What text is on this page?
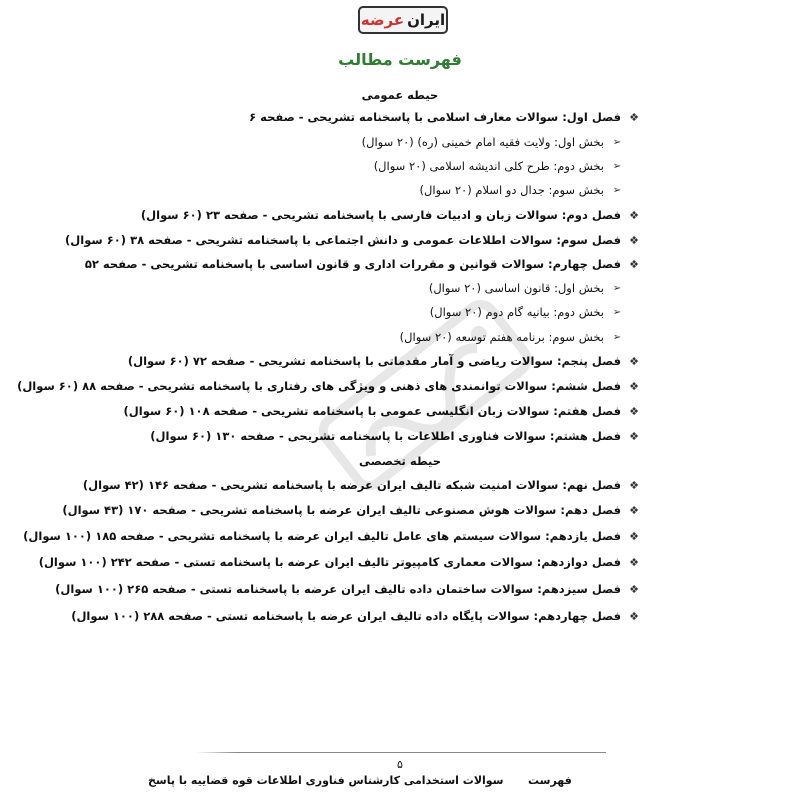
ایران
عرضه
فهرست مطالب
حیطه عمومی
❖
فصل اول: سوالات معارف اسلامی با پاسخنامه تشریحی - صفحه ۶
➢
بخش اول: ولایت فقیه امام خمینی (ره) (۲۰ سوال)
➢
بخش دوم: طرح کلی اندیشه اسلامی (۲۰ سوال)
➢
بخش سوم: جدال دو اسلام (۲۰ سوال)
❖
فصل دوم: سوالات زبان و ادبیات فارسی با پاسخنامه تشریحی - صفحه ۲۳ (۶۰ سوال)
❖
فصل سوم: سوالات اطلاعات عمومی و دانش اجتماعی با پاسخنامه تشریحی - صفحه ۳۸ (۶۰ سوال)
❖
فصل چهارم: سوالات قوانین و مقررات اداری و قانون اساسی با پاسخنامه تشریحی - صفحه ۵۲
➢
بخش اول: قانون اساسی (۲۰ سوال)
➢
بخش دوم: بیانیه گام دوم (۲۰ سوال)
➢
بخش سوم: برنامه هفتم توسعه (۲۰ سوال)
❖
فصل پنجم: سوالات ریاضی و آمار مقدماتی با پاسخنامه تشریحی - صفحه ۷۲ (۶۰ سوال)
❖
فصل ششم: سوالات توانمندی های ذهنی و ویژگی های رفتاری با پاسخنامه تشریحی - صفحه ۸۸ (۶۰ سوال)
❖
فصل هفتم: سوالات زبان انگلیسی عمومی با پاسخنامه تشریحی - صفحه ۱۰۸ (۶۰ سوال)
❖
فصل هشتم: سوالات فناوری اطلاعات با پاسخنامه تشریحی - صفحه ۱۳۰ (۶۰ سوال)
❖
فصل نهم: سوالات امنیت شبکه تالیف ایران عرضه با پاسخنامه تشریحی - صفحه ۱۴۶ (۴۲ سوال)
❖
فصل دهم: سوالات هوش مصنوعی تالیف ایران عرضه با پاسخنامه تشریحی - صفحه ۱۷۰ (۴۳ سوال)
❖
فصل یازدهم: سوالات سیستم های عامل تالیف ایران عرضه با پاسخنامه تشریحی - صفحه ۱۸۵ (۱۰۰ سوال)
❖
فصل دوازدهم: سوالات معماری کامپیوتر تالیف ایران عرضه با پاسخنامه تستی - صفحه ۲۴۲ (۱۰۰ سوال)
❖
فصل سیزدهم: سوالات ساختمان داده تالیف ایران عرضه با پاسخنامه تستی - صفحه ۲۶۵ (۱۰۰ سوال)
❖
فصل چهاردهم: سوالات پایگاه داده تالیف ایران عرضه با پاسخنامه تستی - صفحه ۲۸۸ (۱۰۰ سوال)
حیطه تخصصی
۵
سوالات استخدامی کارشناس فناوری اطلاعات قوه قضاییه با پاسخ فهرست
